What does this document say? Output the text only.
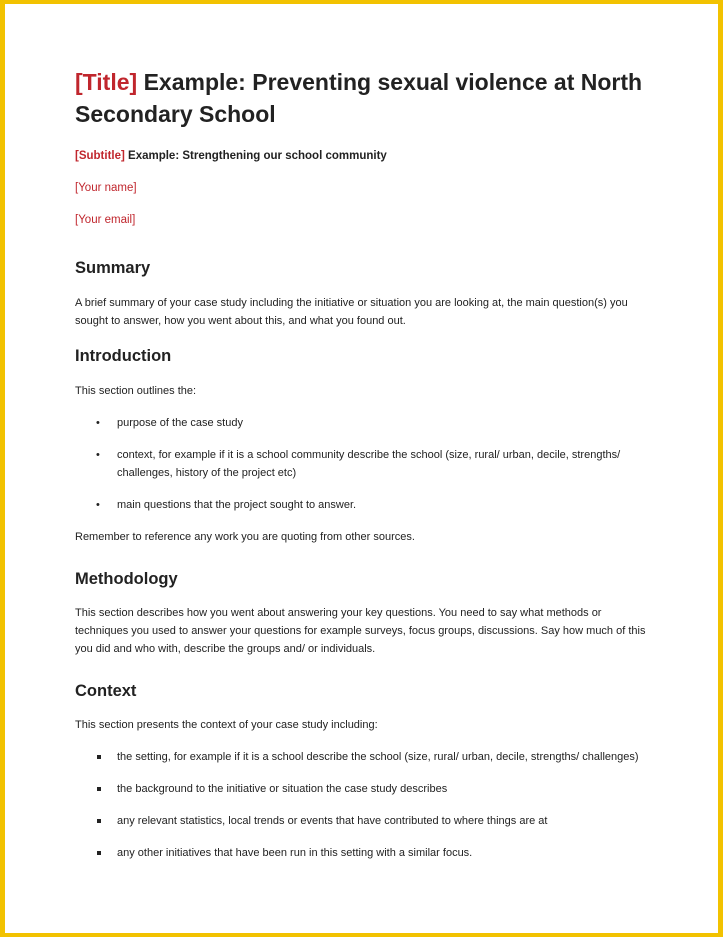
[Title] Example: Preventing sexual violence at North Secondary School
[Subtitle] Example: Strengthening our school community
[Your name]
[Your email]
Summary

A brief summary of your case study including the initiative or situation you are looking at, the main question(s) you sought to answer, how you went about this, and what you found out.

Introduction

This section outlines the:

• purpose of the case study
• context, for example if it is a school community describe the school (size, rural/ urban, decile, strengths/ challenges, history of the project etc)
• main questions that the project sought to answer.

Remember to reference any work you are quoting from other sources.

Methodology

This section describes how you went about answering your key questions. You need to say what methods or techniques you used to answer your questions for example surveys, focus groups, discussions. Say how much of this you did and who with, describe the groups and/ or individuals.

Context

This section presents the context of your case study including:

the setting, for example if it is a school describe the school (size, rural/ urban, decile, strengths/ challenges)
the background to the initiative or situation the case study describes
any relevant statistics, local trends or events that have contributed to where things are at
any other initiatives that have been run in this setting with a similar focus.
